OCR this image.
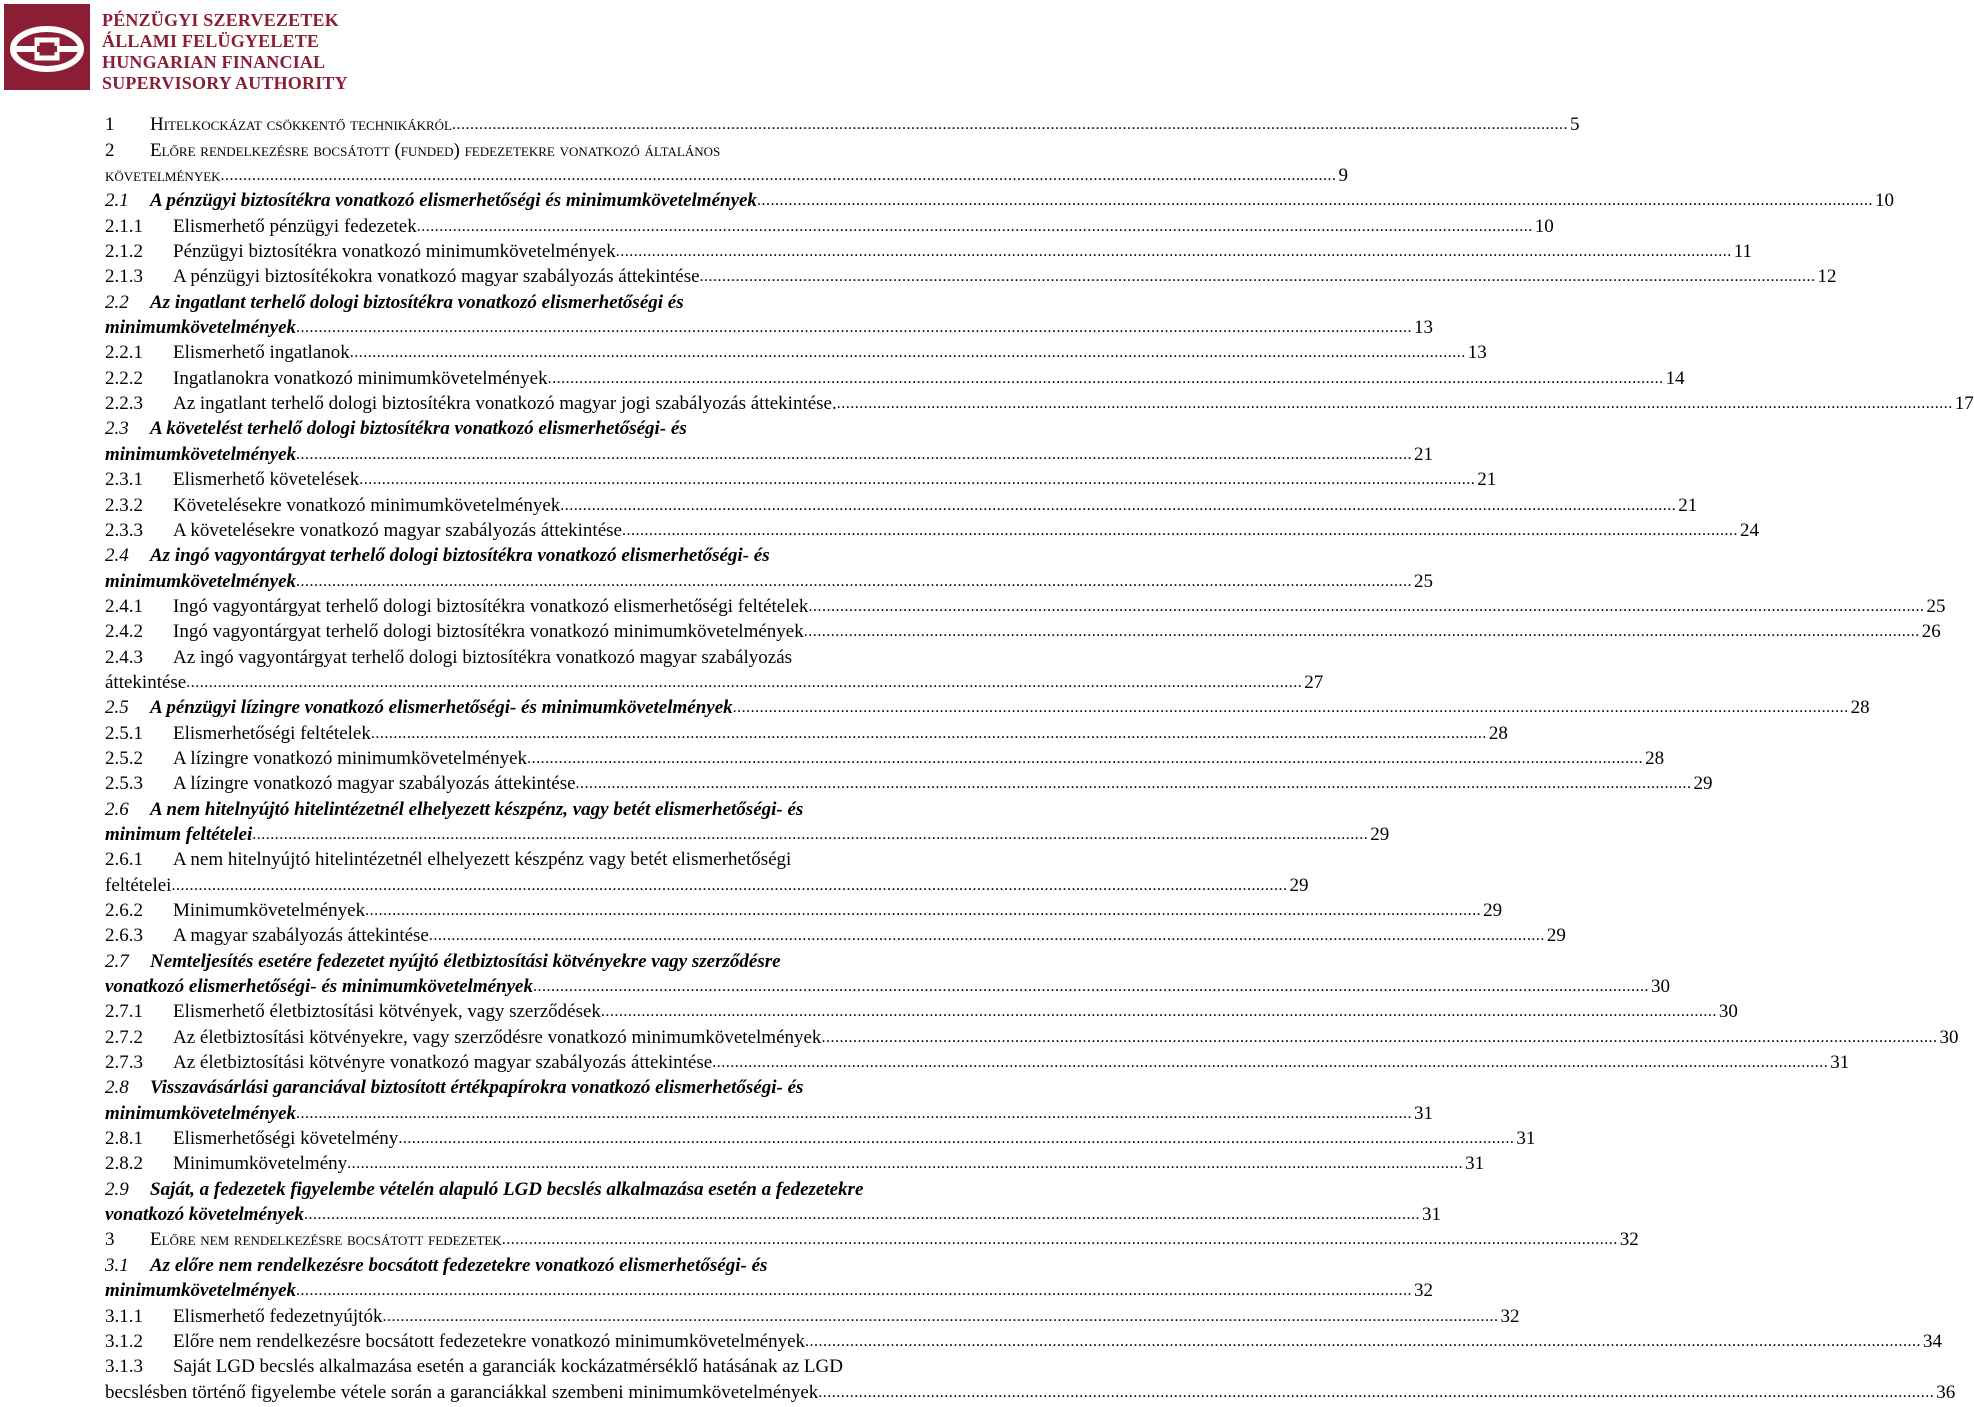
PÉNZÜGYI SZERVEZETEK
ÁLLAMI FELÜGYELETE
HUNGARIAN FINANCIAL
SUPERVISORY AUTHORITY
1	Hitelkockázat csökkentő technikákról .....	5
2	Előre rendelkezésre bocsátott (funded) fedezetekre vonatkozó általános
követelmények .....	9
2.1	A pénzügyi biztosítékra vonatkozó elismerhetőségi és minimumkövetelmények .....	10
2.1.1	Elismerhető pénzügyi fedezetek .....	10
2.1.2	Pénzügyi biztosítékra vonatkozó minimumkövetelmények .....	11
2.1.3	A pénzügyi biztosítékokra vonatkozó magyar szabályozás áttekintése .....	12
2.2	Az ingatlant terhelő dologi biztosítékra vonatkozó elismerhetőségi és
minimumkövetelmények .....	13
2.2.1	Elismerhető ingatlanok .....	13
2.2.2	Ingatlanokra vonatkozó minimumkövetelmények .....	14
2.2.3	Az ingatlant terhelő dologi biztosítékra vonatkozó magyar jogi szabályozás áttekintése. .....	17
2.3	A követelést terhelő dologi biztosítékra vonatkozó elismerhetőségi- és
minimumkövetelmények .....	21
2.3.1	Elismerhető követelések .....	21
2.3.2	Követelésekre vonatkozó minimumkövetelmények .....	21
2.3.3	A követelésekre vonatkozó magyar szabályozás áttekintése .....	24
2.4	Az ingó vagyontárgyat terhelő dologi biztosítékra vonatkozó elismerhetőségi- és
minimumkövetelmények .....	25
2.4.1	Ingó vagyontárgyat terhelő dologi biztosítékra vonatkozó elismerhetőségi feltételek .....	25
2.4.2	Ingó vagyontárgyat terhelő dologi biztosítékra vonatkozó minimumkövetelmények .....	26
2.4.3	Az ingó vagyontárgyat terhelő dologi biztosítékra vonatkozó magyar szabályozás
áttekintése .....	27
2.5	A pénzügyi lízingre vonatkozó elismerhetőségi- és minimumkövetelmények .....	28
2.5.1	Elismerhetőségi feltételek .....	28
2.5.2	A lízingre vonatkozó minimumkövetelmények .....	28
2.5.3	A lízingre vonatkozó magyar szabályozás áttekintése .....	29
2.6	A nem hitelnyújtó hitelintézetnél elhelyezett készpénz, vagy betét elismerhetőségi- és
minimum feltételei .....	29
2.6.1	A nem hitelnyújtó hitelintézetnél elhelyezett készpénz vagy betét elismerhetőségi
feltételei .....	29
2.6.2	Minimumkövetelmények .....	29
2.6.3	A magyar szabályozás áttekintése .....	29
2.7	Nemteljesítés esetére fedezetet nyújtó életbiztosítási kötvényekre vagy szerződésre
vonatkozó elismerhetőségi- és minimumkövetelmények .....	30
2.7.1	Elismerhető életbiztosítási kötvények, vagy szerződések .....	30
2.7.2	Az életbiztosítási kötvényekre, vagy szerződésre vonatkozó minimumkövetelmények .....	30
2.7.3	Az életbiztosítási kötvényre vonatkozó magyar szabályozás áttekintése .....	31
2.8	Visszavásárlási garanciával biztosított értékpapírokra vonatkozó elismerhetőségi- és
minimumkövetelmények .....	31
2.8.1	Elismerhetőségi követelmény .....	31
2.8.2	Minimumkövetelmény .....	31
2.9	Saját, a fedezetek figyelembe vételén alapuló LGD becslés alkalmazása esetén a fedezetekre
vonatkozó követelmények .....	31
3	Előre nem rendelkezésre bocsátott fedezetek .....	32
3.1	Az előre nem rendelkezésre bocsátott fedezetekre vonatkozó elismerhetőségi- és
minimumkövetelmények .....	32
3.1.1	Elismerhető fedezetnyújtók .....	32
3.1.2	Előre nem rendelkezésre bocsátott fedezetekre vonatkozó minimumkövetelmények .....	34
3.1.3	Saját LGD becslés alkalmazása esetén a garanciák kockázatmérséklő hatásának az LGD
becslésben történő figyelembe vétele során a garanciákkal szembeni minimumkövetelmények .....	36
